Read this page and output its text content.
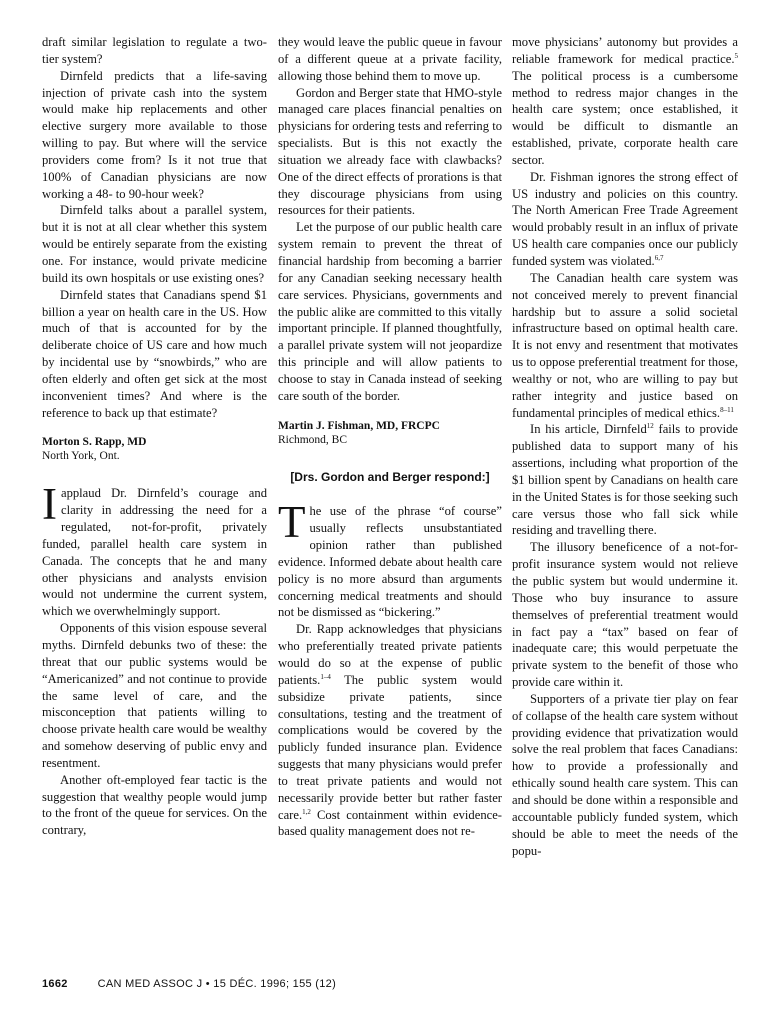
draft similar legislation to regulate a two-tier system?

Dirnfeld predicts that a life-saving injection of private cash into the system would make hip replacements and other elective surgery more available to those willing to pay. But where will the service providers come from? Is it not true that 100% of Canadian physicians are now working a 48- to 90-hour week?

Dirnfeld talks about a parallel system, but it is not at all clear whether this system would be entirely separate from the existing one. For instance, would private medicine build its own hospitals or use existing ones?

Dirnfeld states that Canadians spend $1 billion a year on health care in the US. How much of that is accounted for by the deliberate choice of US care and how much by incidental use by “snowbirds,” who are often elderly and often get sick at the most inconvenient times? And where is the reference to back up that estimate?

Morton S. Rapp, MD
North York, Ont.

Iapplaud Dr. Dirnfeld’s courage and clarity in addressing the need for a regulated, not-for-profit, privately funded, parallel health care system in Canada. The concepts that he and many other physicians and analysts envision would not undermine the current system, which we overwhelmingly support.

Opponents of this vision espouse several myths. Dirnfeld debunks two of these: the threat that our public systems would be “Americanized” and not continue to provide the same level of care, and the misconception that patients willing to choose private health care would be wealthy and somehow deserving of public envy and resentment.

Another oft-employed fear tactic is the suggestion that wealthy people would jump to the front of the queue for services. On the contrary,

they would leave the public queue in favour of a different queue at a private facility, allowing those behind them to move up.

Gordon and Berger state that HMO-style managed care places financial penalties on physicians for ordering tests and referring to specialists. But is this not exactly the situation we already face with clawbacks? One of the direct effects of prorations is that they discourage physicians from using resources for their patients.

Let the purpose of our public health care system remain to prevent the threat of financial hardship from becoming a barrier for any Canadian seeking necessary health care services. Physicians, governments and the public alike are committed to this vitally important principle. If planned thoughtfully, a parallel private system will not jeopardize this principle and will allow patients to choose to stay in Canada instead of seeking care south of the border.

Martin J. Fishman, MD, FRCPC
Richmond, BC
[Drs. Gordon and Berger respond:]

The use of the phrase “of course” usually reflects unsubstantiated opinion rather than published evidence. Informed debate about health care policy is no more absurd than arguments concerning medical treatments and should not be dismissed as “bickering.”

Dr. Rapp acknowledges that physicians who preferentially treated private patients would do so at the expense of public patients.$^{1-4}$ The public system would subsidize private patients, since consultations, testing and the treatment of complications would be covered by the publicly funded insurance plan. Evidence suggests that many physicians would prefer to treat private patients and would not necessarily provide better but rather faster care.$^{1,2}$ Cost containment within evidence-based quality management does not re-

move physicians’ autonomy but provides a reliable framework for medical practice.$^5$ The political process is a cumbersome method to redress major changes in the health care system; once established, it would be difficult to dismantle an established, private, corporate health care sector.

Dr. Fishman ignores the strong effect of US industry and policies on this country. The North American Free Trade Agreement would probably result in an influx of private US health care companies once our publicly funded system was violated.$^{6,7}$

The Canadian health care system was not conceived merely to prevent financial hardship but to assure a solid societal infrastructure based on optimal health care. It is not envy and resentment that motivates us to oppose preferential treatment for those, wealthy or not, who are willing to pay but rather integrity and justice based on fundamental principles of medical ethics.$^{8-11}$

In his article, Dirnfeld$^{12}$ fails to provide published data to support many of his assertions, including what proportion of the $1 billion spent by Canadians on health care in the United States is for those seeking such care versus those who fall sick while residing and travelling there.

The illusory beneficence of a not-for-profit insurance system would not relieve the public system but would undermine it. Those who buy insurance to assure themselves of preferential treatment would in fact pay a “tax” based on fear of inadequate care; this would perpetuate the private system to the benefit of those who provide care within it.

Supporters of a private tier play on fear of collapse of the health care system without providing evidence that privatization would solve the real problem that faces Canadians: how to provide a professionally and ethically sound health care system. This can and should be done within a responsible and accountable publicly funded system, which should be able to meet the needs of the popu-

1662	CAN MED ASSOC J • 15 DÉC. 1996; 155 (12)
